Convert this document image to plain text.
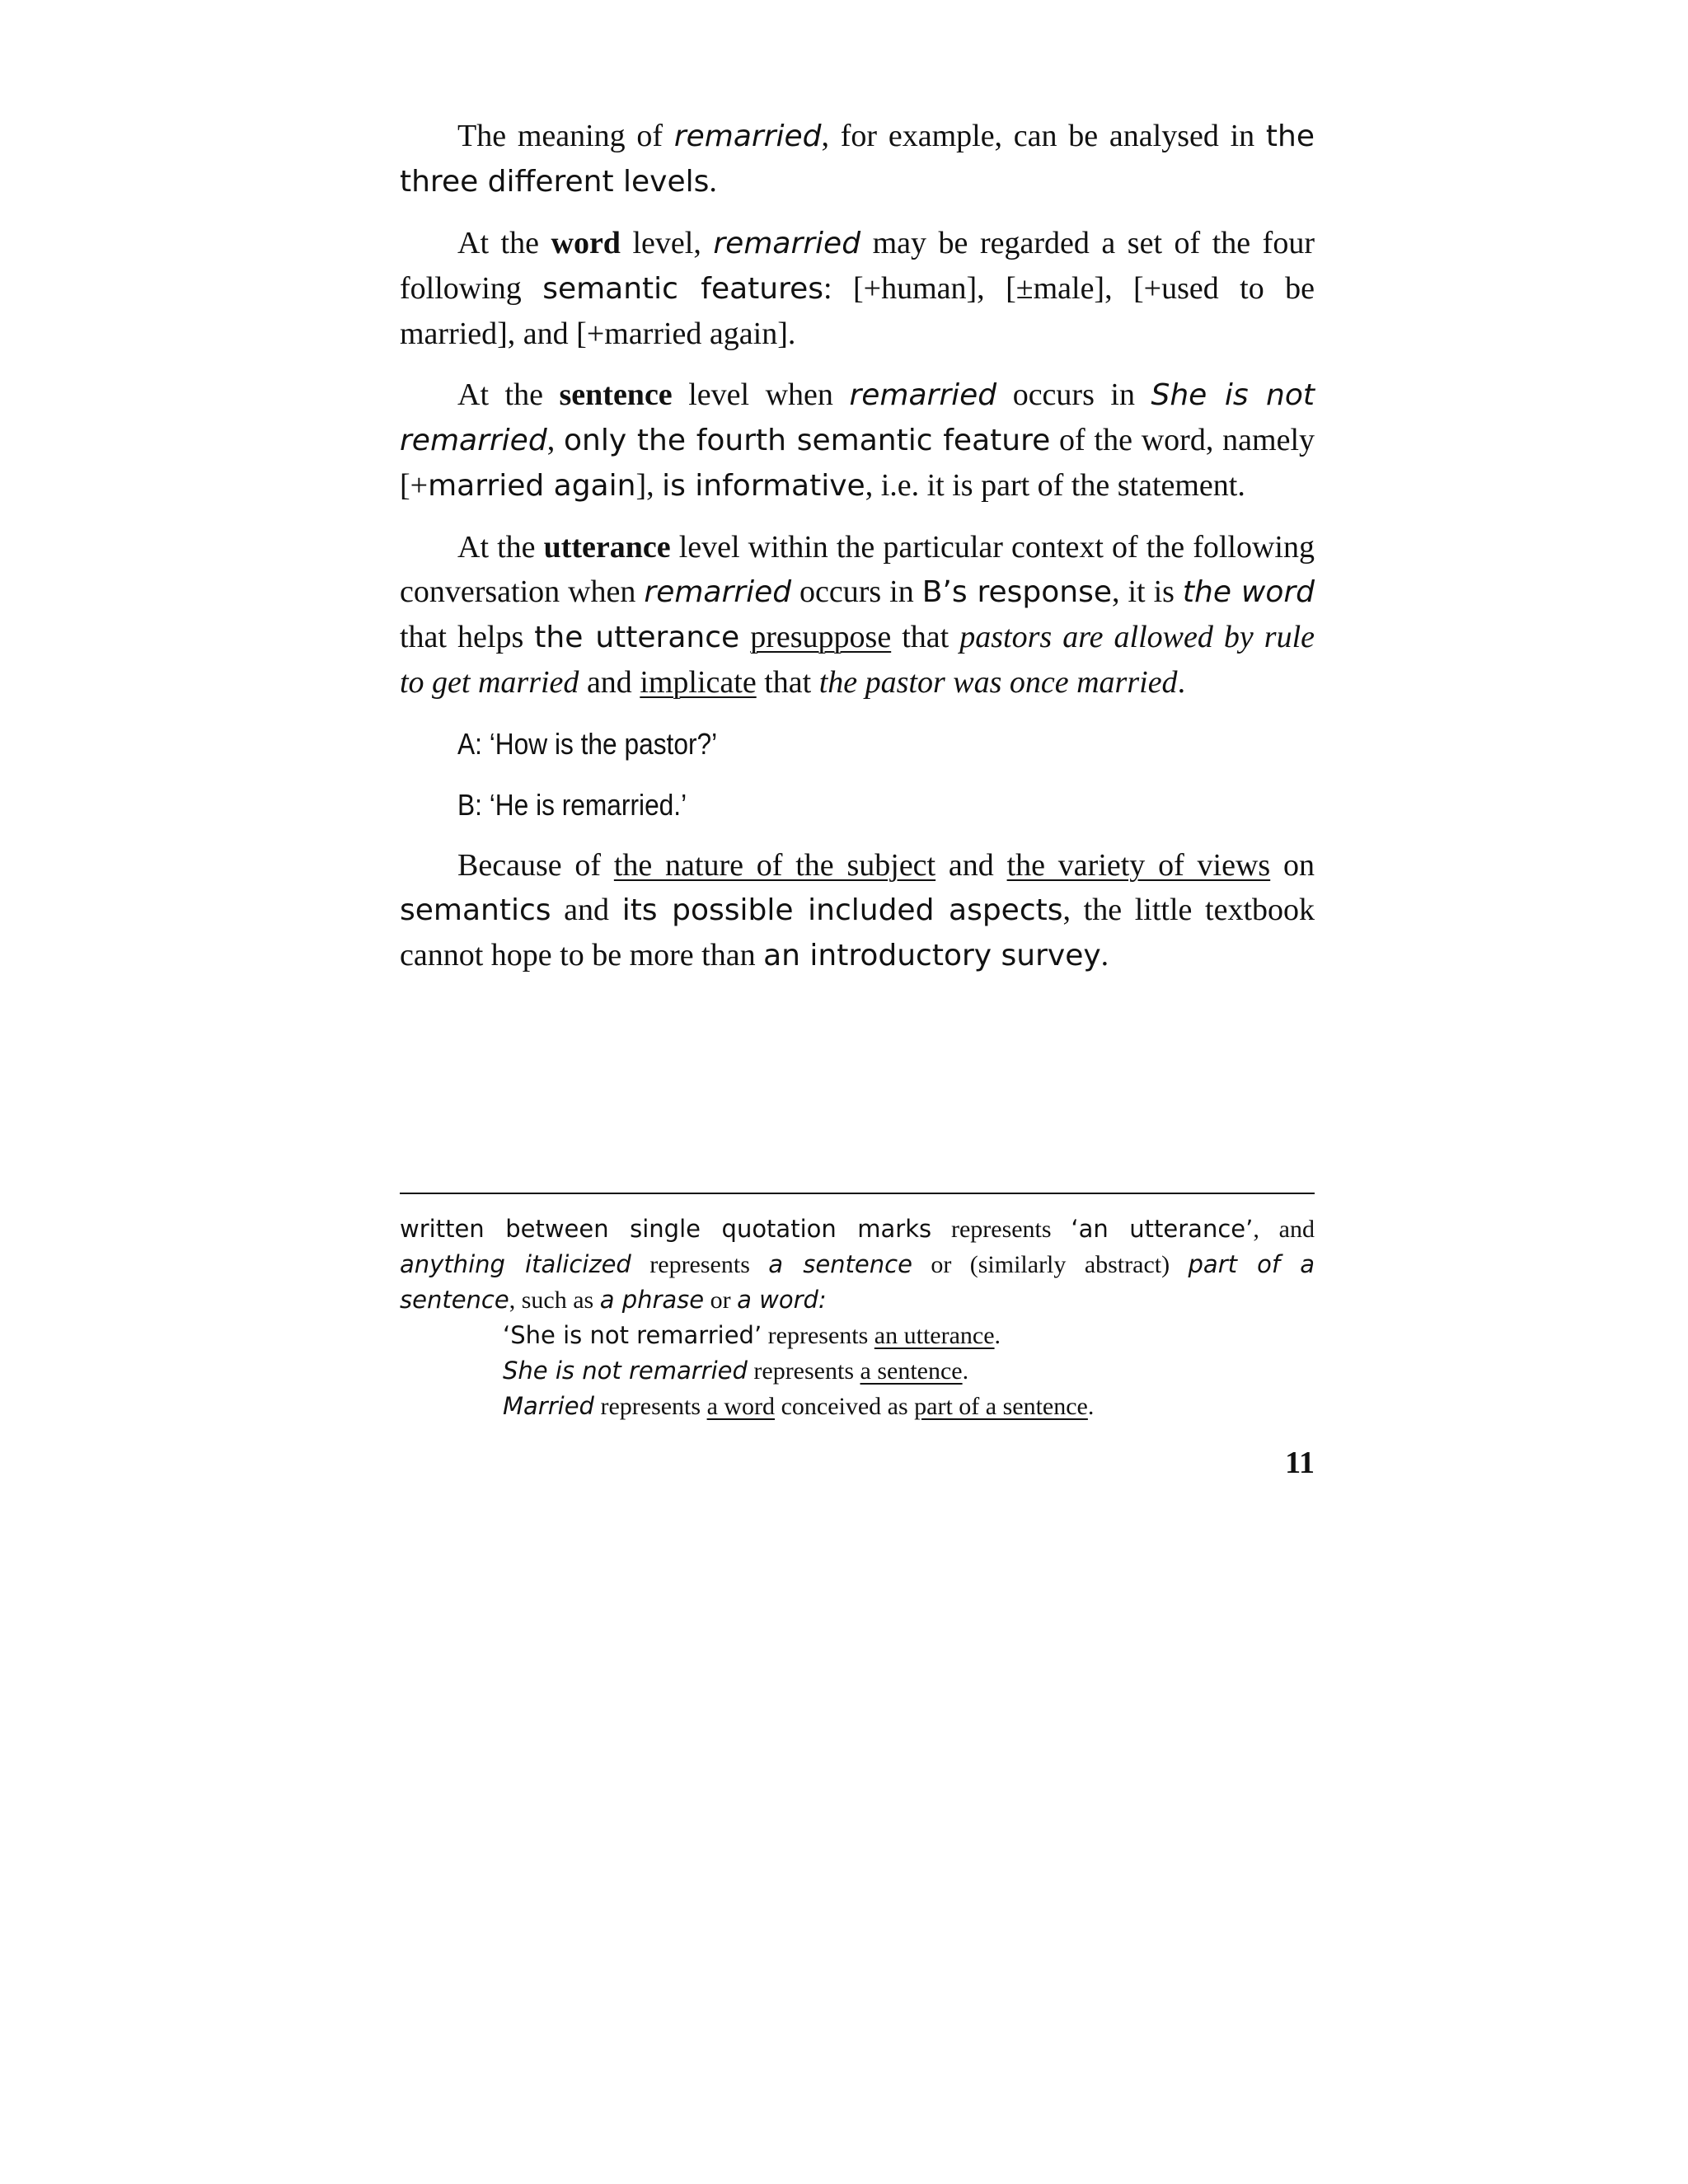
The meaning of remarried, for example, can be analysed in the three different levels.

At the word level, remarried may be regarded a set of the four following semantic features: [+human], [±male], [+used to be married], and [+married again].

At the sentence level when remarried occurs in She is not remarried, only the fourth semantic feature of the word, namely [+married again], is informative, i.e. it is part of the statement.

At the utterance level within the particular context of the following conversation when remarried occurs in B’s response, it is the word that helps the utterance presuppose that pastors are allowed by rule to get married and implicate that the pastor was once married.

A: ‘How is the pastor?’
B: ‘He is remarried.’

Because of the nature of the subject and the variety of views on semantics and its possible included aspects, the little textbook cannot hope to be more than an introductory survey.

written between single quotation marks represents ‘an utterance’, and anything italicized represents a sentence or (similarly abstract) part of a sentence, such as a phrase or a word:
‘She is not remarried’ represents an utterance.
She is not remarried represents a sentence.
Married represents a word conceived as part of a sentence.
11
